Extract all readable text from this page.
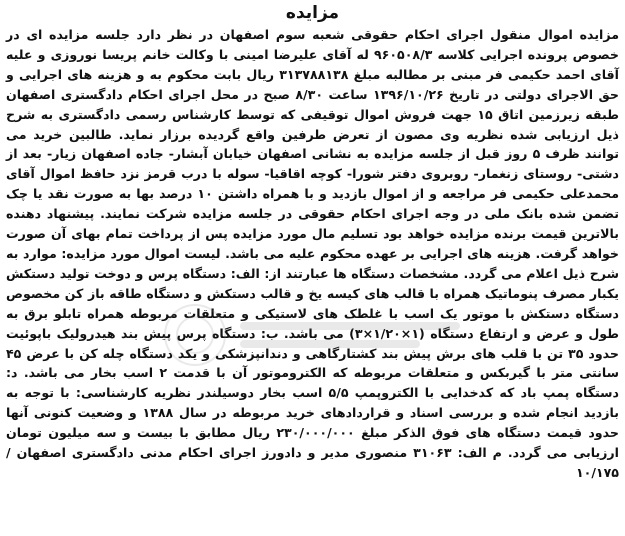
مزایده

مزایده اموال منقول اجرای احکام حقوقی شعبه سوم اصفهان در نظر دارد جلسه مزایده ای در خصوص پرونده اجرایی کلاسه ۹۶۰۵۰۸/۳ له آقای علیرضا امینی با وکالت خانم پریسا نوروزی و علیه آقای احمد حکیمی فر مبنی بر مطالبه مبلغ ۳۱۳۷۸۸۱۳۸ ریال بابت محکوم به و هزینه های اجرایی و حق الاجرای دولتی در تاریخ ۱۳۹۶/۱۰/۲۶ ساعت ۸/۳۰ صبح در محل اجرای احکام دادگستری اصفهان طبقه زیرزمین اتاق ۱۵ جهت فروش اموال توقیفی که توسط کارشناس رسمی دادگستری به شرح ذیل ارزیابی شده نظریه وی مصون از تعرض طرفین واقع گردیده برزار نماید. طالبین خرید می توانند ظرف ۵ روز قبل از جلسه مزایده به نشانی اصفهان خیابان آبشار- جاده اصفهان زیار- بعد از دشتی- روستای زنغمار- روبروی دفتر شورا- کوچه اقاقیا- سوله با درب قرمز نزد حافظ اموال آقای محمدعلی حکیمی فر مراجعه و از اموال بازدید و با همراه داشتن ۱۰ درصد بها به صورت نقد یا چک تضمن شده بانک ملی در وجه اجرای احکام حقوقی در جلسه مزایده شرکت نمایند. پیشنهاد دهنده بالاترین قیمت برنده مزایده خواهد بود تسلیم مال مورد مزایده پس از پرداخت تمام بهای آن صورت خواهد گرفت. هزینه های اجرایی بر عهده محکوم علیه می باشد. لیست اموال مورد مزایده: موارد به شرح ذیل اعلام می گردد. مشخصات دستگاه ها عبارتند از: الف: دستگاه پرس و دوخت تولید دستکش یکبار مصرف پنوماتیک همراه با قالب های کیسه یخ و قالب دستکش و دستگاه طاقه باز کن مخصوص دستگاه دستکش با موتور یک اسب با غلطک های لاستیکی و متعلقات مربوطه همراه تابلو برق به طول و عرض و ارتفاع دستگاه (۱×۱/۲۰×۳) می باشد. ب: دستگاه پرس پیش بند هیدرولیک باپوئیت حدود ۳۵ تن با قلب های برش پیش بند کشتارگاهی و دندانپزشکی و یکد دستگاه چله کن با عرض ۴۵ سانتی متر با گیربکس و متعلقات مربوطه که الکتروموتور آن با قدمت ۲ اسب بخار می باشد. د: دستگاه پمپ باد که کدخدایی با الکتروپمپ ۵/۵ اسب بخار دوسیلندر نظریه کارشناسی: با توجه به بازدید انجام شده و بررسی اسناد و قراردادهای خرید مربوطه در سال ۱۳۸۸ و وضعیت کنونی آنها حدود قیمت دستگاه های فوق الذکر مبلغ ۲۳۰/۰۰۰/۰۰۰ ریال مطابق با بیست و سه میلیون تومان ارزیابی می گردد. م الف: ۳۱۰۶۳ منصوری مدیر و دادورز اجرای احکام مدنی دادگستری اصفهان /۱۰/۱۷۵
